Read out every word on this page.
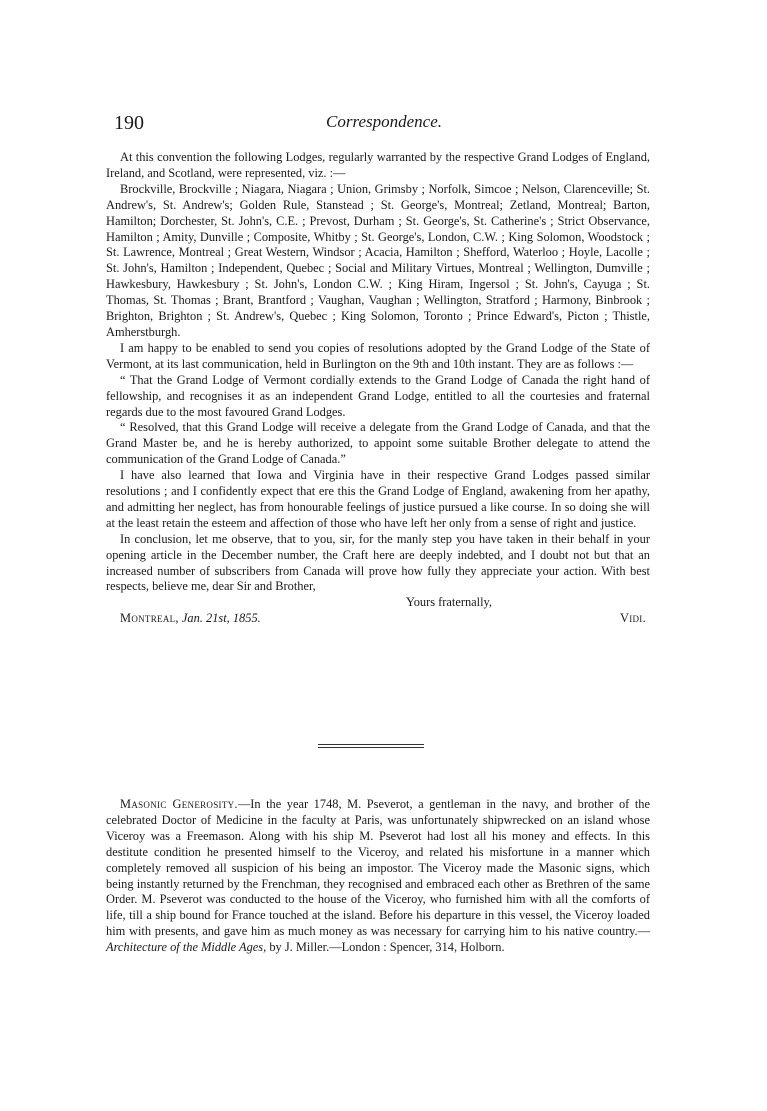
190	Correspondence.

At this convention the following Lodges, regularly warranted by the respective Grand Lodges of England, Ireland, and Scotland, were represented, viz. :—

Brockville, Brockville ; Niagara, Niagara ; Union, Grimsby ; Norfolk, Simcoe ; Nelson, Clarenceville; St. Andrew's, St. Andrew's; Golden Rule, Stanstead ; St. George's, Montreal; Zetland, Montreal; Barton, Hamilton; Dorchester, St. John's, C.E. ; Prevost, Durham ; St. George's, St. Catherine's ; Strict Observance, Hamilton ; Amity, Dunville ; Composite, Whitby ; St. George's, London, C.W. ; King Solomon, Woodstock ; St. Lawrence, Montreal ; Great Western, Windsor ; Acacia, Hamilton ; Shefford, Waterloo ; Hoyle, Lacolle ; St. John's, Hamilton ; Independent, Quebec ; Social and Military Virtues, Montreal ; Wellington, Dumville ; Hawkesbury, Hawkesbury ; St. John's, London C.W. ; King Hiram, Ingersol ; St. John's, Cayuga ; St. Thomas, St. Thomas ; Brant, Brantford ; Vaughan, Vaughan ; Wellington, Stratford ; Harmony, Binbrook ; Brighton, Brighton ; St. Andrew's, Quebec ; King Solomon, Toronto ; Prince Edward's, Picton ; Thistle, Amherstburgh.

I am happy to be enabled to send you copies of resolutions adopted by the Grand Lodge of the State of Vermont, at its last communication, held in Burlington on the 9th and 10th instant. They are as follows :—

“ That the Grand Lodge of Vermont cordially extends to the Grand Lodge of Canada the right hand of fellowship, and recognises it as an independent Grand Lodge, entitled to all the courtesies and fraternal regards due to the most favoured Grand Lodges.

“ Resolved, that this Grand Lodge will receive a delegate from the Grand Lodge of Canada, and that the Grand Master be, and he is hereby authorized, to appoint some suitable Brother delegate to attend the communication of the Grand Lodge of Canada.”

I have also learned that Iowa and Virginia have in their respective Grand Lodges passed similar resolutions ; and I confidently expect that ere this the Grand Lodge of England, awakening from her apathy, and admitting her neglect, has from honourable feelings of justice pursued a like course. In so doing she will at the least retain the esteem and affection of those who have left her only from a sense of right and justice.

In conclusion, let me observe, that to you, sir, for the manly step you have taken in their behalf in your opening article in the December number, the Craft here are deeply indebted, and I doubt not but that an increased number of subscribers from Canada will prove how fully they appreciate your action. With best respects, believe me, dear Sir and Brother,

Yours fraternally,
Montreal, Jan. 21st, 1855.	Vidi.

Masonic Generosity.—In the year 1748, M. Pseverot, a gentleman in the navy, and brother of the celebrated Doctor of Medicine in the faculty at Paris, was unfortunately shipwrecked on an island whose Viceroy was a Freemason. Along with his ship M. Pseverot had lost all his money and effects. In this destitute condition he presented himself to the Viceroy, and related his misfortune in a manner which completely removed all suspicion of his being an impostor. The Viceroy made the Masonic signs, which being instantly returned by the Frenchman, they recognised and embraced each other as Brethren of the same Order. M. Pseverot was conducted to the house of the Viceroy, who furnished him with all the comforts of life, till a ship bound for France touched at the island. Before his departure in this vessel, the Viceroy loaded him with presents, and gave him as much money as was necessary for carrying him to his native country.—Architecture of the Middle Ages, by J. Miller.—London : Spencer, 314, Holborn.
